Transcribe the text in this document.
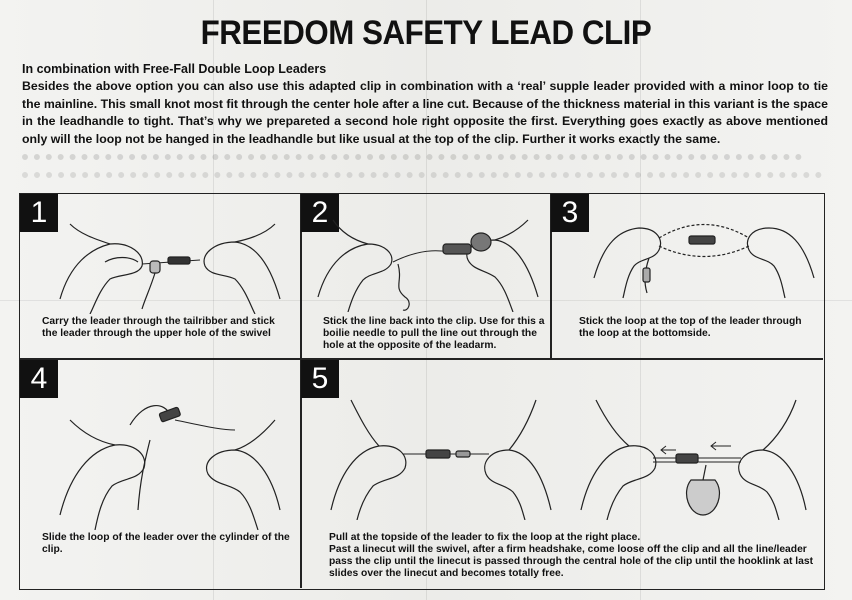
FREEDOM SAFETY LEAD CLIP
In combination with Free-Fall Double Loop Leaders
Besides the above option you can also use this adapted clip in combination with a ‘real’ supple leader provided with a minor loop to tie the mainline. This small knot most fit through the center hole after a line cut. Because of the thickness material in this variant is the space in the leadhandle to tight. That’s why we prepareted a second hole right opposite the first. Everything goes exactly as above mentioned only will the loop not be hanged in the leadhandle but like usual at the top of the clip. Further it works exactly the same.
1
Carry the leader through the tailribber and stick the leader through the upper hole of the swivel
2
Stick the line back into the clip. Use for this a boilie needle to pull the line out through the hole at the opposite of the leadarm.
3
Stick the loop at the top of the leader through the loop at the bottomside.
4
Slide the loop of the leader over the cylinder of the clip.
5
Pull at the topside of the leader to fix the loop at the right place.
Past a linecut will the swivel, after a firm headshake, come loose off the clip and all the line/leader pass the clip until the linecut is passed through the central hole of the clip until the hooklink at last slides over the linecut and becomes totally free.
